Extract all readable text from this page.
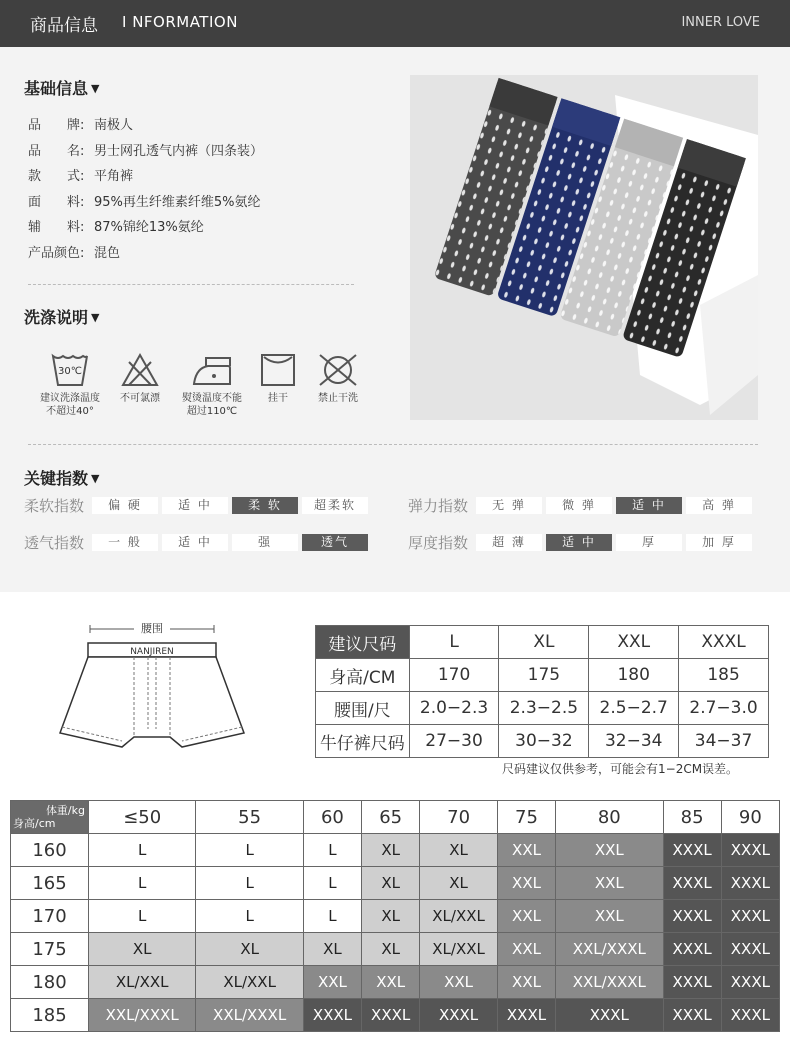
商品信息 I NFORMATION	INNER LOVE
基础信息 ▼
品　　牌: 南极人
品　　名: 男士网孔透气内裤（四条装）
款　　式: 平角裤
面　　料: 95%再生纤维素纤维5%氨纶
辅　　料: 87%锦纶13%氨纶
产品颜色: 混色
洗涤说明 ▼
30℃
建议洗涤温度
不超过40°
不可氯漂	熨烫温度不能
超过110℃
挂干	禁止干洗
关键指数 ▼
柔软指数	偏 硬	适 中	柔 软	超柔软	弹力指数	无 弹	微 弹	适 中	高 弹
透气指数	一 般	适 中	强	透气	厚度指数	超 薄	适 中	厚	加 厚
腰围
NANJIREN	建议尺码	L	XL	XXL	XXXL
身高/CM	170	175	180	185
腰围/尺	2.0−2.3	2.3−2.5	2.5−2.7	2.7−3.0
牛仔裤尺码	27−30	30−32	32−34	34−37
尺码建议仅供参考，可能会有1−2CM误差。
体重/kg
身高/cm	≤50	55	60	65	70	75	80	85	90
160	L	L	L	XL	XL	XXL	XXL	XXXL	XXXL
165	L	L	L	XL	XL	XXL	XXL	XXXL	XXXL
170	L	L	L	XL	XL/XXL	XXL	XXL	XXXL	XXXL
175	XL	XL	XL	XL	XL/XXL	XXL	XXL/XXXL	XXXL	XXXL
180	XL/XXL	XL/XXL	XXL	XXL	XXL	XXL	XXL/XXXL	XXXL	XXXL
185	XXL/XXXL	XXL/XXXL	XXXL	XXXL	XXXL	XXXL	XXXL	XXXL	XXXL
